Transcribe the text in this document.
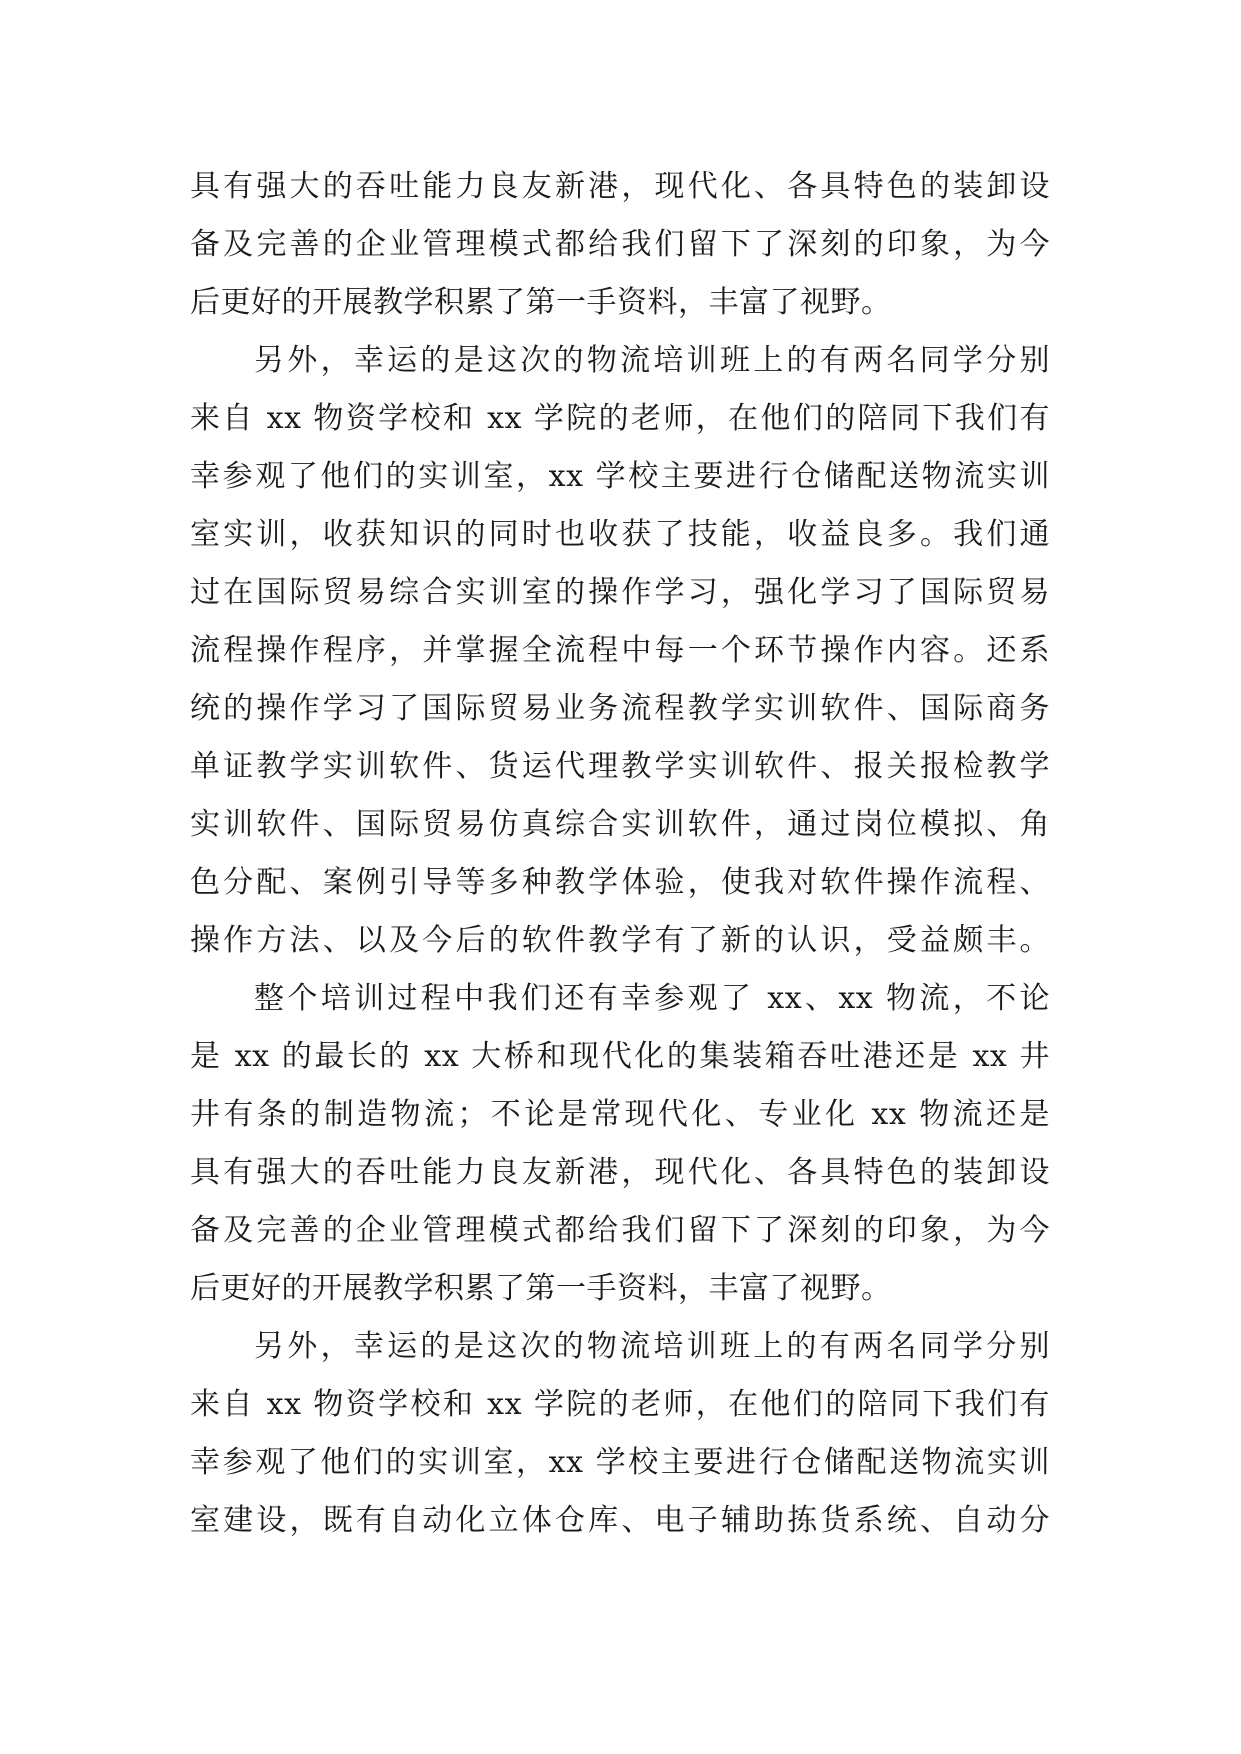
具有强大的吞吐能力良友新港，现代化、各具特色的装卸设
备及完善的企业管理模式都给我们留下了深刻的印象，为今
后更好的开展教学积累了第一手资料，丰富了视野。
另外，幸运的是这次的物流培训班上的有两名同学分别
来自 xx 物资学校和 xx 学院的老师，在他们的陪同下我们有
幸参观了他们的实训室，xx 学校主要进行仓储配送物流实训
室实训，收获知识的同时也收获了技能，收益良多。我们通
过在国际贸易综合实训室的操作学习，强化学习了国际贸易
流程操作程序，并掌握全流程中每一个环节操作内容。还系
统的操作学习了国际贸易业务流程教学实训软件、国际商务
单证教学实训软件、货运代理教学实训软件、报关报检教学
实训软件、国际贸易仿真综合实训软件，通过岗位模拟、角
色分配、案例引导等多种教学体验，使我对软件操作流程、
操作方法、以及今后的软件教学有了新的认识，受益颇丰。
整个培训过程中我们还有幸参观了 xx、xx 物流，不论
是 xx 的最长的 xx 大桥和现代化的集装箱吞吐港还是 xx 井
井有条的制造物流；不论是常现代化、专业化 xx 物流还是
具有强大的吞吐能力良友新港，现代化、各具特色的装卸设
备及完善的企业管理模式都给我们留下了深刻的印象，为今
后更好的开展教学积累了第一手资料，丰富了视野。
另外，幸运的是这次的物流培训班上的有两名同学分别
来自 xx 物资学校和 xx 学院的老师，在他们的陪同下我们有
幸参观了他们的实训室，xx 学校主要进行仓储配送物流实训
室建设，既有自动化立体仓库、电子辅助拣货系统、自动分
